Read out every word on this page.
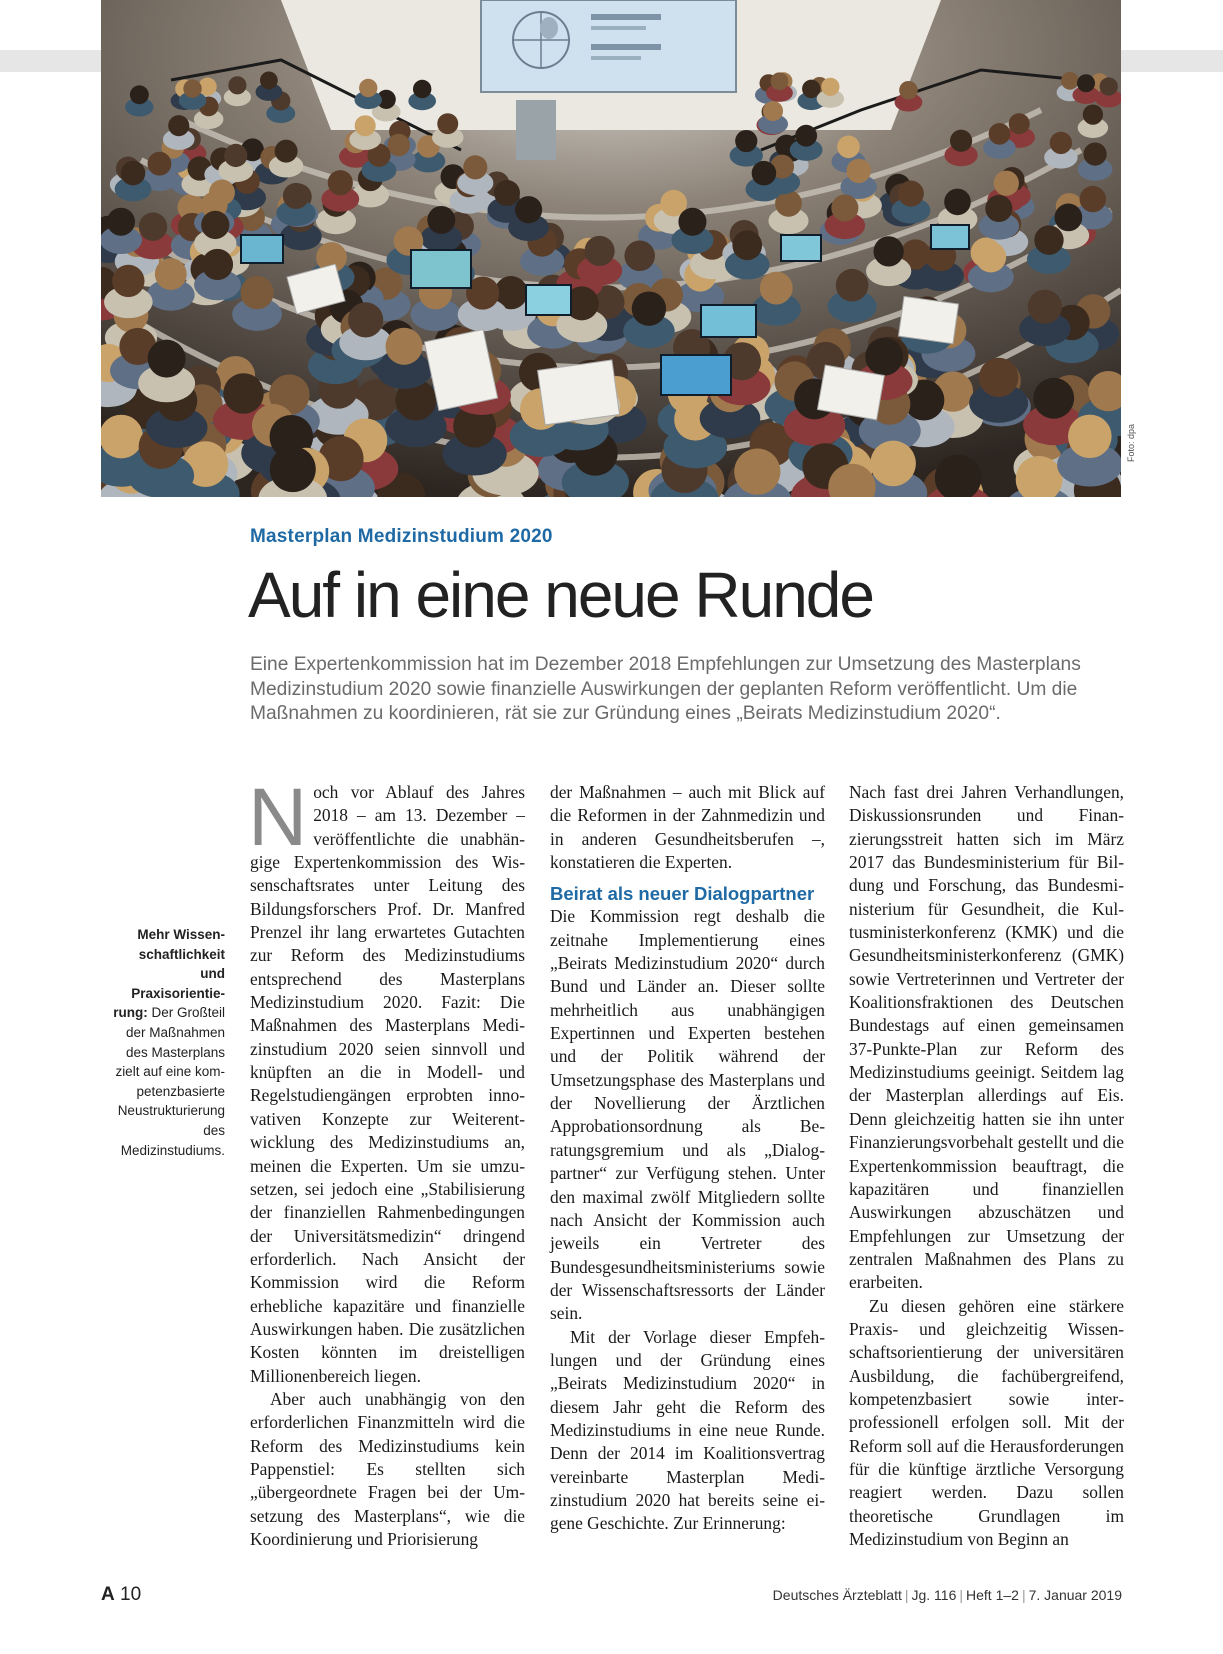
Foto: dpa
Masterplan Medizinstudium 2020
Auf in eine neue Runde
Eine Expertenkommission hat im Dezember 2018 Empfehlungen zur Umsetzung des Masterplans Medizinstudium 2020 sowie finanzielle Auswirkungen der geplanten Reform veröffentlicht. Um die Maßnahmen zu koordinieren, rät sie zur Gründung eines „Beirats Medizinstudium 2020“.
Mehr Wissenschaftlichkeit und Praxisorientierung: Der Großteil der Maßnahmen des Masterplans zielt auf eine kompetenzbasierte Neustrukturierung des Medizinstudiums.
N och vor Ablauf des Jahres 2018 – am 13. Dezember – veröffentlichte die unabhängige Expertenkommission des Wissenschaftsrates unter Leitung des Bildungsforschers Prof. Dr. Manfred Prenzel ihr lang erwartetes Gutachten zur Reform des Medizinstudiums entsprechend des Masterplans Medizinstudium 2020. Fazit: Die Maßnahmen des Masterplans Medizinstudium 2020 seien sinnvoll und knüpften an die in Modell- und Regelstudiengängen erprobten innovativen Konzepte zur Weiterentwicklung des Medizinstudiums an, meinen die Experten. Um sie umzusetzen, sei jedoch eine „Stabilisierung der finanziellen Rahmenbedingungen der Universitätsmedizin“ dringend erforderlich. Nach Ansicht der Kommission wird die Reform erhebliche kapazitäre und finanzielle Auswirkungen haben. Die zusätzlichen Kosten könnten im dreistelligen Millionenbereich liegen.

Aber auch unabhängig von den erforderlichen Finanzmitteln wird die Reform des Medizinstudiums kein Pappenstiel: Es stellten sich „übergeordnete Fragen bei der Umsetzung des Masterplans“, wie die Koordinierung und Priorisierung

der Maßnahmen – auch mit Blick auf die Reformen in der Zahnmedizin und in anderen Gesundheitsberufen –, konstatieren die Experten.

Beirat als neuer Dialogpartner

Die Kommission regt deshalb die zeitnahe Implementierung eines „Beirats Medizinstudium 2020“ durch Bund und Länder an. Dieser sollte mehrheitlich aus unabhängigen Expertinnen und Experten bestehen und der Politik während der Umsetzungsphase des Masterplans und der Novellierung der Ärztlichen Approbationsordnung als Beratungsgremium und als „Dialogpartner“ zur Verfügung stehen. Unter den maximal zwölf Mitgliedern sollte nach Ansicht der Kommission auch jeweils ein Vertreter des Bundesgesundheitsministeriums sowie der Wissenschaftsressorts der Länder sein.

Mit der Vorlage dieser Empfehlungen und der Gründung eines „Beirats Medizinstudium 2020“ in diesem Jahr geht die Reform des Medizinstudiums in eine neue Runde. Denn der 2014 im Koalitionsvertrag vereinbarte Masterplan Medizinstudium 2020 hat bereits seine eigene Geschichte. Zur Erinnerung:

Nach fast drei Jahren Verhandlungen, Diskussionsrunden und Finanzierungsstreit hatten sich im März 2017 das Bundesministerium für Bildung und Forschung, das Bundesministerium für Gesundheit, die Kultusministerkonferenz (KMK) und die Gesundheitsministerkonferenz (GMK) sowie Vertreterinnen und Vertreter der Koalitionsfraktionen des Deutschen Bundestags auf einen gemeinsamen 37-Punkte-Plan zur Reform des Medizinstudiums geeinigt. Seitdem lag der Masterplan allerdings auf Eis. Denn gleichzeitig hatten sie ihn unter Finanzierungsvorbehalt gestellt und die Expertenkommission beauftragt, die kapazitären und finanziellen Auswirkungen abzuschätzen und Empfehlungen zur Umsetzung der zentralen Maßnahmen des Plans zu erarbeiten.

Zu diesen gehören eine stärkere Praxis- und gleichzeitig Wissenschaftsorientierung der universitären Ausbildung, die fachübergreifend, kompetenzbasiert sowie interprofessionell erfolgen soll. Mit der Reform soll auf die Herausforderungen für die künftige ärztliche Versorgung reagiert werden. Dazu sollen theoretische Grundlagen im Medizinstudium von Beginn an

A 10	Deutsches Ärzteblatt | Jg. 116 | Heft 1–2 | 7. Januar 2019
